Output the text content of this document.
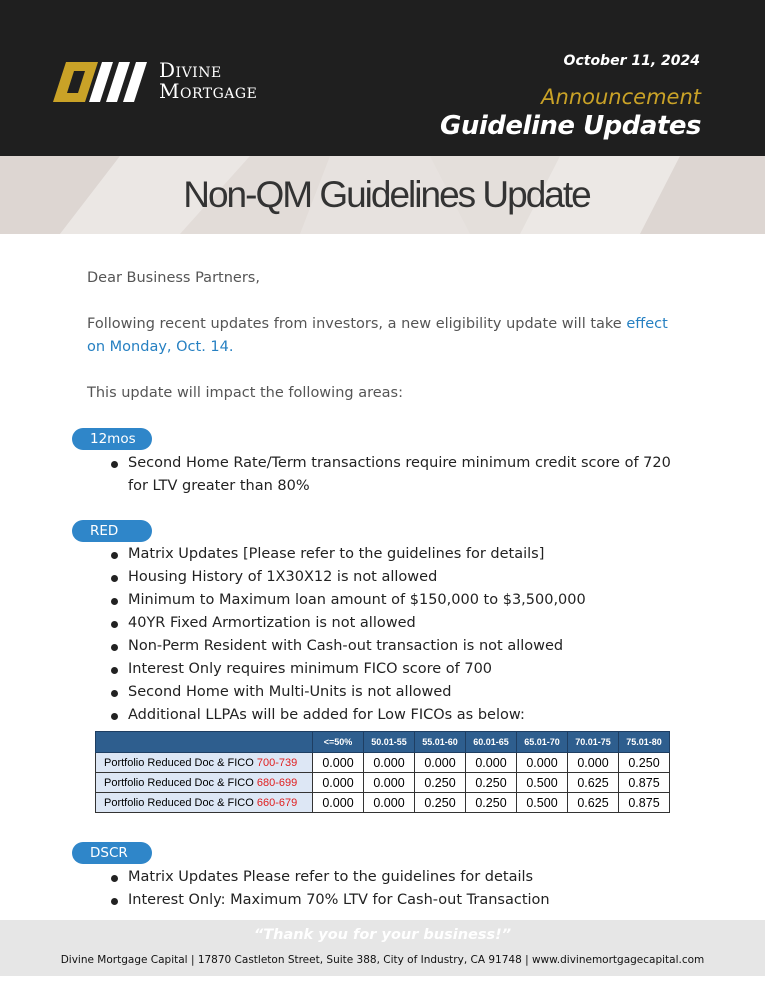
Divine
Mortgage
October 11, 2024
Announcement
Guideline Updates
Non-QM Guidelines Update
Dear Business Partners,
Following recent updates from investors, a new eligibility update will take effect
on Monday, Oct. 14.
This update will impact the following areas:
12mos
Second Home Rate/Term transactions require minimum credit score of 720
for LTV greater than 80%
RED
Matrix Updates [Please refer to the guidelines for details]
Housing History of 1X30X12 is not allowed
Minimum to Maximum loan amount of $150,000 to $3,500,000
40YR Fixed Armortization is not allowed
Non-Perm Resident with Cash-out transaction is not allowed
Interest Only requires minimum FICO score of 700
Second Home with Multi-Units is not allowed
Additional LLPAs will be added for Low FICOs as below:
	<=50%	50.01-55	55.01-60	60.01-65	65.01-70	70.01-75	75.01-80
Portfolio Reduced Doc & FICO 700-739	0.000	0.000	0.000	0.000	0.000	0.000	0.250
Portfolio Reduced Doc & FICO 680-699	0.000	0.000	0.250	0.250	0.500	0.625	0.875
Portfolio Reduced Doc & FICO 660-679	0.000	0.000	0.250	0.250	0.500	0.625	0.875
DSCR
Matrix Updates Please refer to the guidelines for details
Interest Only: Maximum 70% LTV for Cash-out Transaction
“Thank you for your business!”
Divine Mortgage Capital | 17870 Castleton Street, Suite 388, City of Industry, CA 91748 | www.divinemortgagecapital.com
